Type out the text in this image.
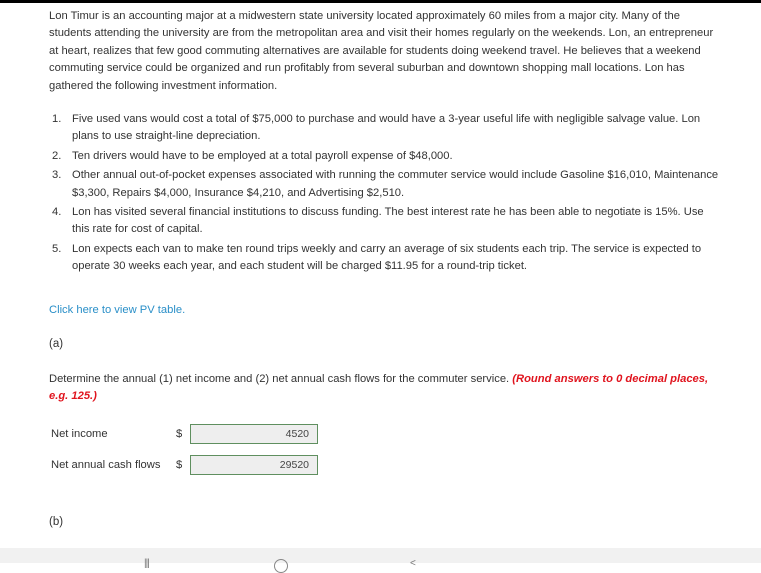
Lon Timur is an accounting major at a midwestern state university located approximately 60 miles from a major city. Many of the students attending the university are from the metropolitan area and visit their homes regularly on the weekends. Lon, an entrepreneur at heart, realizes that few good commuting alternatives are available for students doing weekend travel. He believes that a weekend commuting service could be organized and run profitably from several suburban and downtown shopping mall locations. Lon has gathered the following investment information.

1. Five used vans would cost a total of $75,000 to purchase and would have a 3-year useful life with negligible salvage value. Lon plans to use straight-line depreciation.
2. Ten drivers would have to be employed at a total payroll expense of $48,000.
3. Other annual out-of-pocket expenses associated with running the commuter service would include Gasoline $16,010, Maintenance $3,300, Repairs $4,000, Insurance $4,210, and Advertising $2,510.
4. Lon has visited several financial institutions to discuss funding. The best interest rate he has been able to negotiate is 15%. Use this rate for cost of capital.
5. Lon expects each van to make ten round trips weekly and carry an average of six students each trip. The service is expected to operate 30 weeks each year, and each student will be charged $11.95 for a round-trip ticket.
Click here to view PV table.
(a)
Determine the annual (1) net income and (2) net annual cash flows for the commuter service. (Round answers to 0 decimal places, e.g. 125.)
Net income	$
4520
Net annual cash flows	$
29520
(b)
|||	<
